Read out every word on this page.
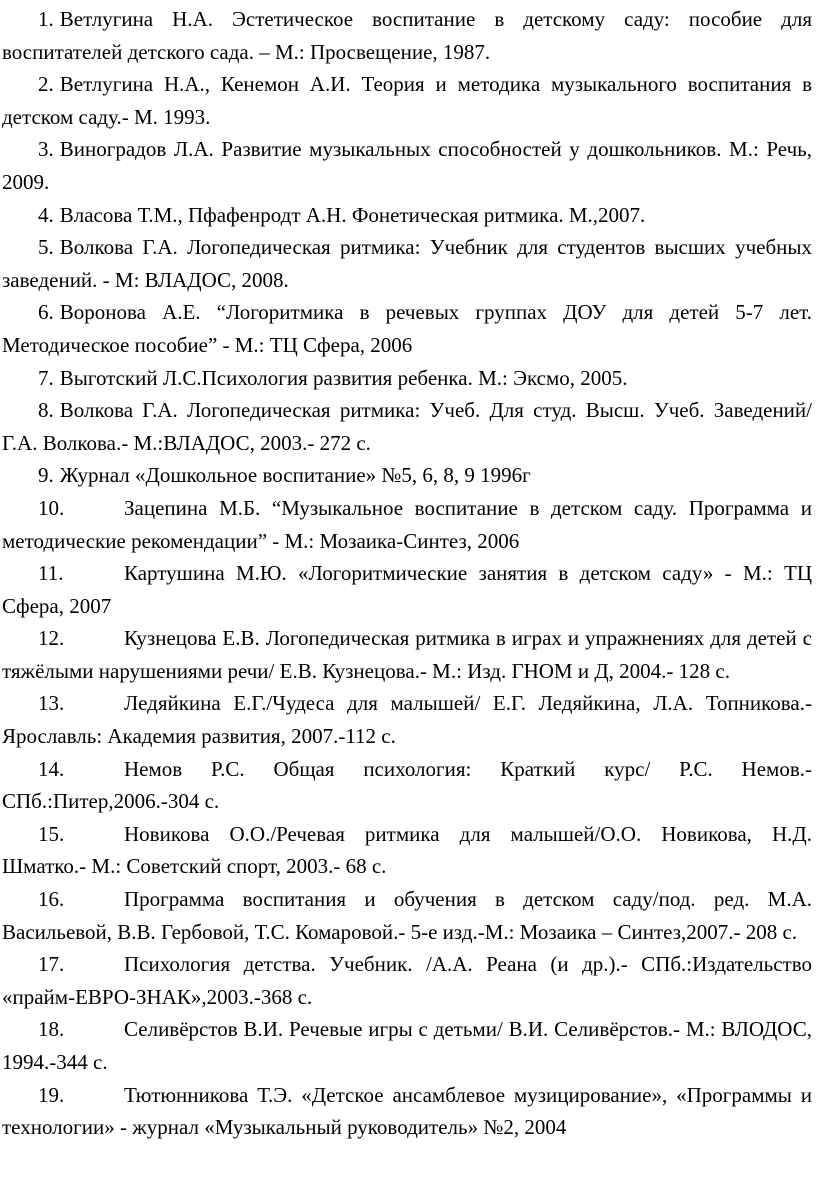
1. Ветлугина Н.А. Эстетическое воспитание в детскому саду: пособие для воспитателей детского сада. – М.: Просвещение, 1987.

2. Ветлугина Н.А., Кенемон А.И. Теория и методика музыкального воспитания в детском саду.- М. 1993.

3. Виноградов Л.А. Развитие музыкальных способностей у дошкольников. М.: Речь, 2009.

4. Власова Т.М., Пфафенродт А.Н. Фонетическая ритмика. М.,2007.

5. Волкова Г.А. Логопедическая ритмика: Учебник для студентов высших учебных заведений. - М: ВЛАДОС, 2008.

6. Воронова А.Е. “Логоритмика в речевых группах ДОУ для детей 5-7 лет. Методическое пособие” - М.: ТЦ Сфера, 2006

7. Выготский Л.С.Психология развития ребенка. М.: Эксмо, 2005.

8. Волкова Г.А. Логопедическая ритмика: Учеб. Для студ. Высш. Учеб. Заведений/ Г.А. Волкова.- М.:ВЛАДОС, 2003.- 272 с.

9. Журнал «Дошкольное воспитание» №5, 6, 8, 9 1996г

10.	Зацепина М.Б. “Музыкальное воспитание в детском саду. Программа и методические рекомендации” - М.: Мозаика-Синтез, 2006

11.	Картушина М.Ю. «Логоритмические занятия в детском саду» - М.: ТЦ Сфера, 2007

12.	Кузнецова Е.В. Логопедическая ритмика в играх и упражнениях для детей с тяжёлыми нарушениями речи/ Е.В. Кузнецова.- М.: Изд. ГНОМ и Д, 2004.- 128 с.

13.	Ледяйкина Е.Г./Чудеса для малышей/ Е.Г. Ледяйкина, Л.А. Топникова.- Ярославль: Академия развития, 2007.-112 с.

14.	Немов Р.С. Общая психология: Краткий курс/ Р.С. Немов.- СПб.:Питер,2006.-304 с.

15.	Новикова О.О./Речевая ритмика для малышей/О.О. Новикова, Н.Д. Шматко.- М.: Советский спорт, 2003.- 68 с.

16.	Программа воспитания и обучения в детском саду/под. ред. М.А. Васильевой, В.В. Гербовой, Т.С. Комаровой.- 5-е изд.-М.: Мозаика – Синтез,2007.- 208 с.

17.	Психология детства. Учебник. /А.А. Реана (и др.).- СПб.:Издательство «прайм-ЕВРО-ЗНАК»,2003.-368 с.

18.	Селивёрстов В.И. Речевые игры с детьми/ В.И. Селивёрстов.- М.: ВЛОДОС, 1994.-344 с.

19.	Тютюнникова Т.Э. «Детское ансамблевое музицирование», «Программы и технологии» - журнал «Музыкальный руководитель» №2, 2004
